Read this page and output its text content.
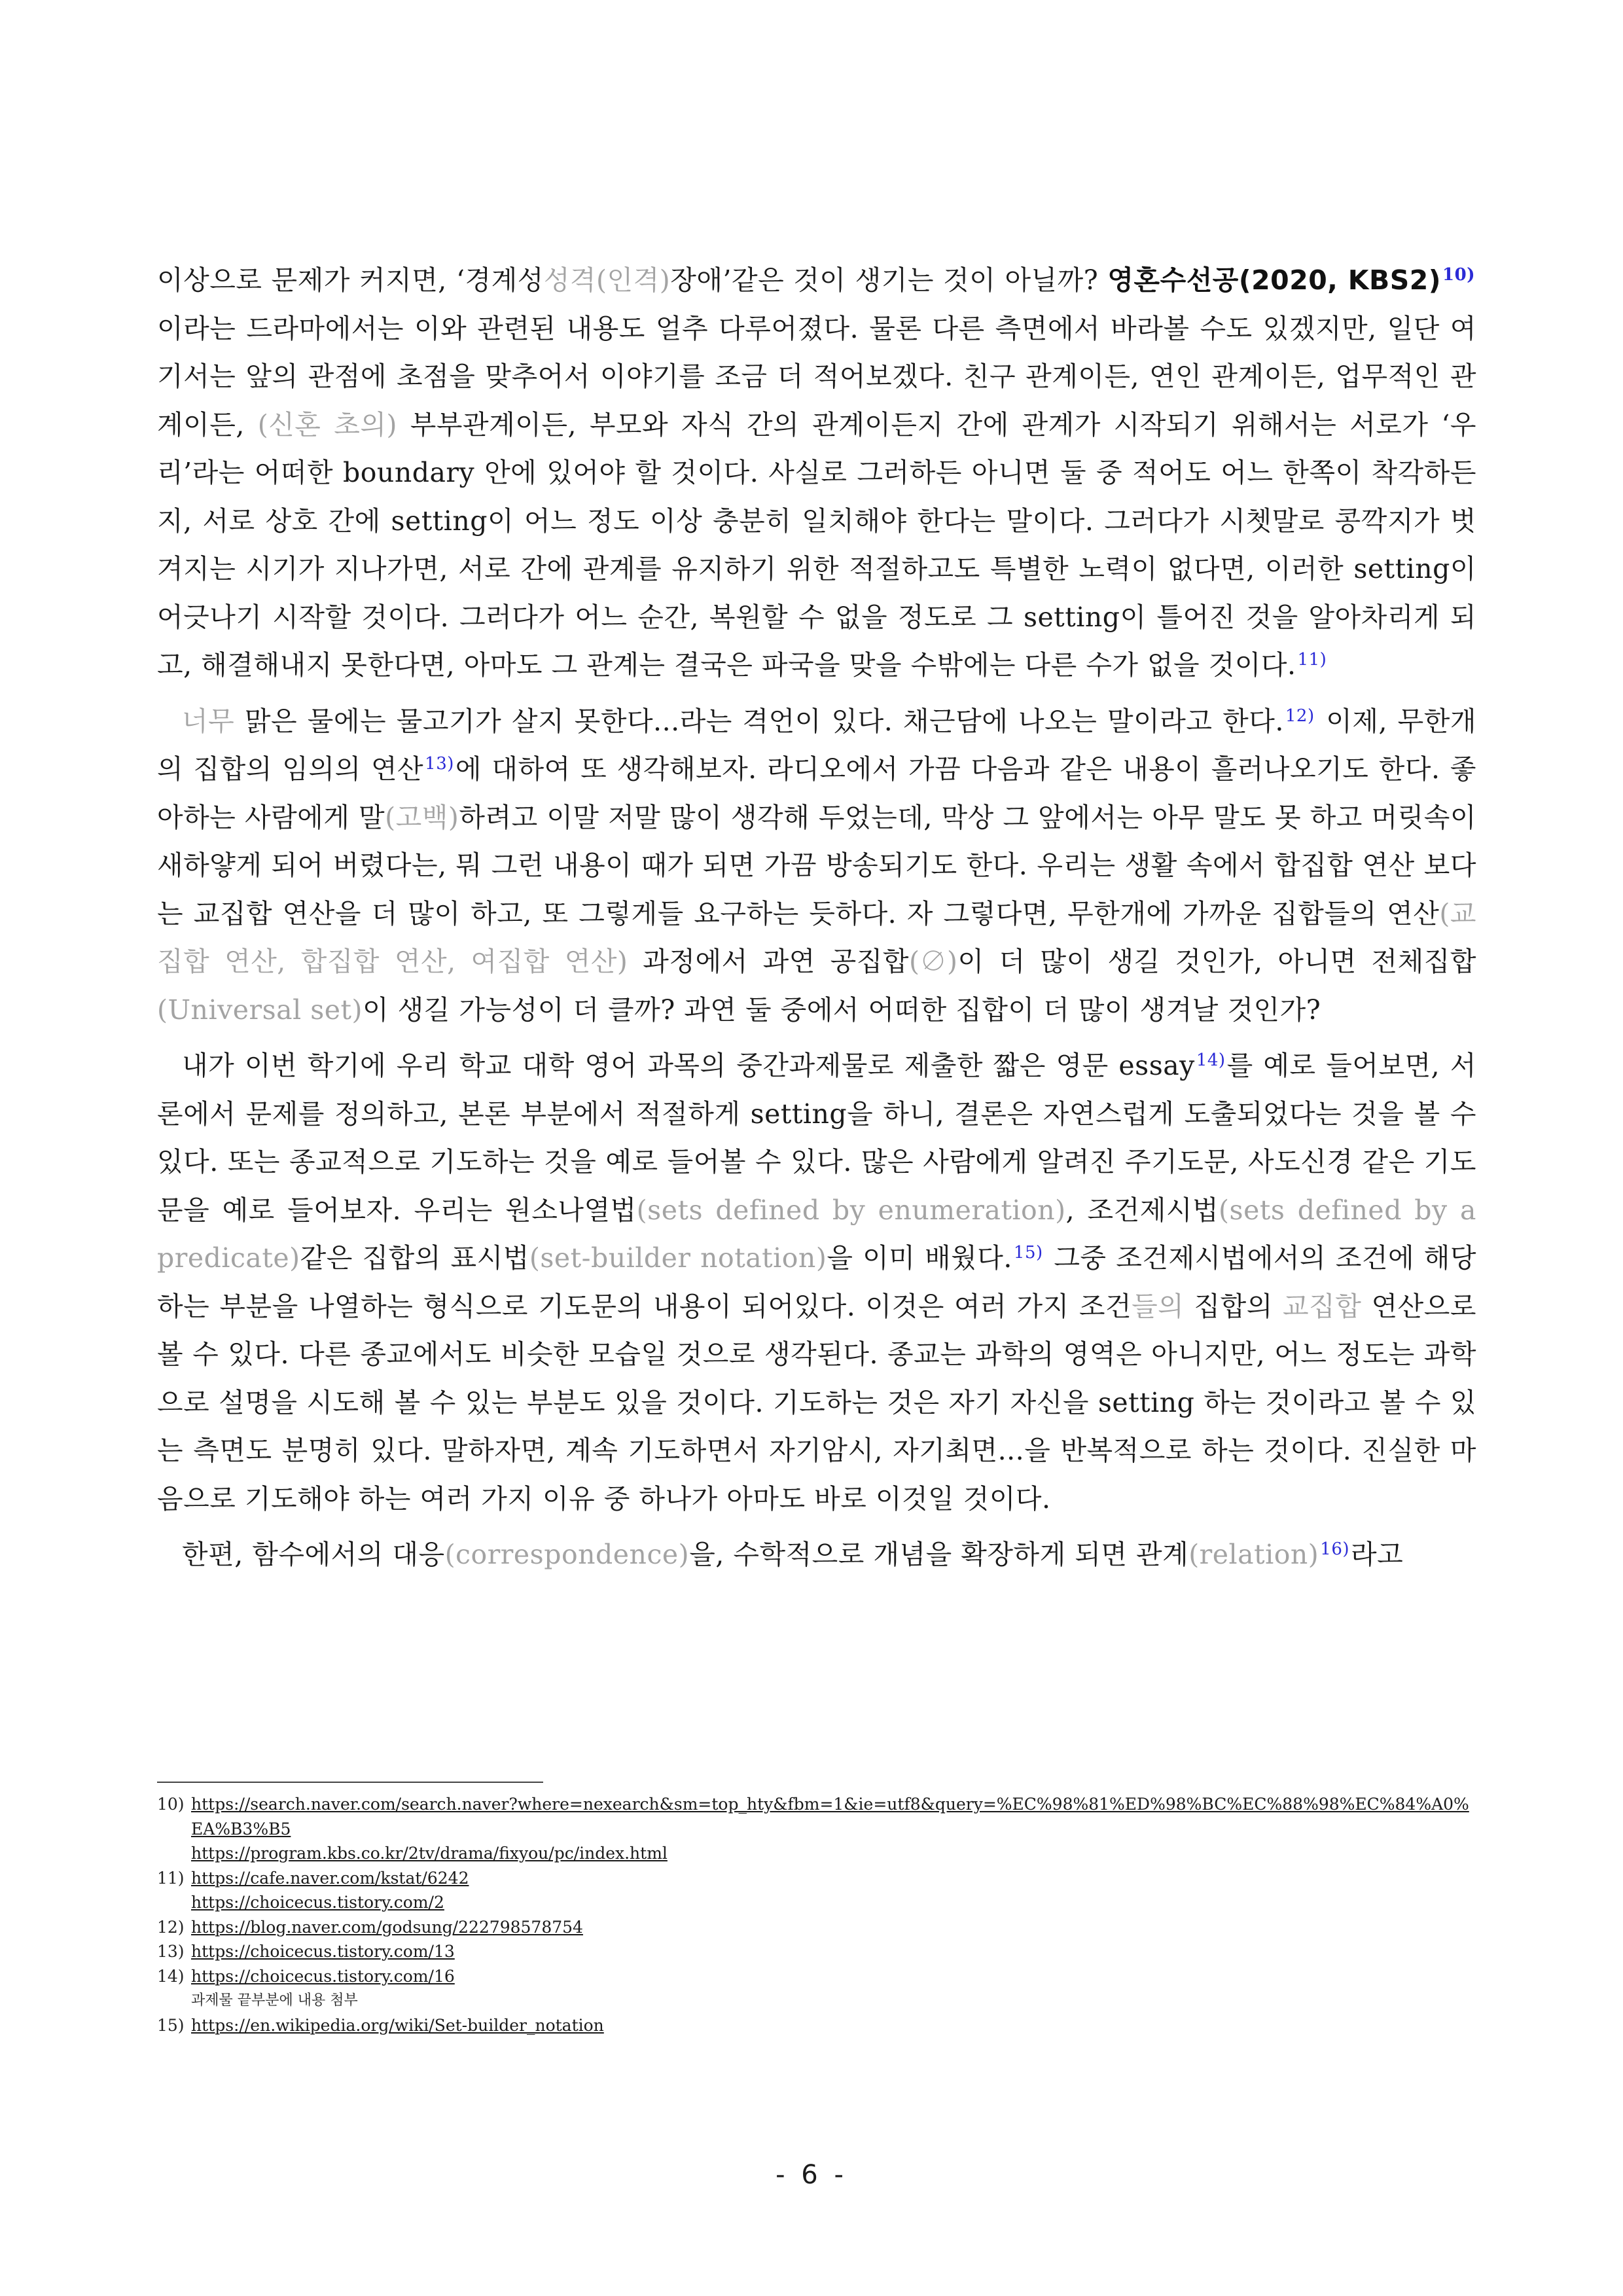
이상으로 문제가 커지면, ‘경계성성격(인격)장애’같은 것이 생기는 것이 아닐까? 영혼수선공(2020, KBS2)$^{10)}$이라는 드라마에서는 이와 관련된 내용도 얼추 다루어졌다. 물론 다른 측면에서 바라볼 수도 있겠지만, 일단 여기서는 앞의 관점에 초점을 맞추어서 이야기를 조금 더 적어보겠다. 친구 관계이든, 연인 관계이든, 업무적인 관계이든, (신혼 초의) 부부관계이든, 부모와 자식 간의 관계이든지 간에 관계가 시작되기 위해서는 서로가 ‘우리’라는 어떠한 boundary 안에 있어야 할 것이다. 사실로 그러하든 아니면 둘 중 적어도 어느 한쪽이 착각하든지, 서로 상호 간에 setting이 어느 정도 이상 충분히 일치해야 한다는 말이다. 그러다가 시쳇말로 콩깍지가 벗겨지는 시기가 지나가면, 서로 간에 관계를 유지하기 위한 적절하고도 특별한 노력이 없다면, 이러한 setting이 어긋나기 시작할 것이다. 그러다가 어느 순간, 복원할 수 없을 정도로 그 setting이 틀어진 것을 알아차리게 되고, 해결해내지 못한다면, 아마도 그 관계는 결국은 파국을 맞을 수밖에는 다른 수가 없을 것이다.$^{11)}$

너무 맑은 물에는 물고기가 살지 못한다...라는 격언이 있다. 채근담에 나오는 말이라고 한다.$^{12)}$ 이제, 무한개의 집합의 임의의 연산$^{13)}$에 대하여 또 생각해보자. 라디오에서 가끔 다음과 같은 내용이 흘러나오기도 한다. 좋아하는 사람에게 말(고백)하려고 이말 저말 많이 생각해 두었는데, 막상 그 앞에서는 아무 말도 못 하고 머릿속이 새하얗게 되어 버렸다는, 뭐 그런 내용이 때가 되면 가끔 방송되기도 한다. 우리는 생활 속에서 합집합 연산 보다는 교집합 연산을 더 많이 하고, 또 그렇게들 요구하는 듯하다. 자 그렇다면, 무한개에 가까운 집합들의 연산(교집합 연산, 합집합 연산, 여집합 연산) 과정에서 과연 공집합(∅)이 더 많이 생길 것인가, 아니면 전체집합(Universal set)이 생길 가능성이 더 클까? 과연 둘 중에서 어떠한 집합이 더 많이 생겨날 것인가?

내가 이번 학기에 우리 학교 대학 영어 과목의 중간과제물로 제출한 짧은 영문 essay$^{14)}$를 예로 들어보면, 서론에서 문제를 정의하고, 본론 부분에서 적절하게 setting을 하니, 결론은 자연스럽게 도출되었다는 것을 볼 수 있다. 또는 종교적으로 기도하는 것을 예로 들어볼 수 있다. 많은 사람에게 알려진 주기도문, 사도신경 같은 기도문을 예로 들어보자. 우리는 원소나열법(sets defined by enumeration), 조건제시법(sets defined by a predicate)같은 집합의 표시법(set-builder notation)을 이미 배웠다.$^{15)}$ 그중 조건제시법에서의 조건에 해당하는 부분을 나열하는 형식으로 기도문의 내용이 되어있다. 이것은 여러 가지 조건들의 집합의 교집합 연산으로 볼 수 있다. 다른 종교에서도 비슷한 모습일 것으로 생각된다. 종교는 과학의 영역은 아니지만, 어느 정도는 과학으로 설명을 시도해 볼 수 있는 부분도 있을 것이다. 기도하는 것은 자기 자신을 setting 하는 것이라고 볼 수 있는 측면도 분명히 있다. 말하자면, 계속 기도하면서 자기암시, 자기최면...을 반복적으로 하는 것이다. 진실한 마음으로 기도해야 하는 여러 가지 이유 중 하나가 아마도 바로 이것일 것이다.

한편, 함수에서의 대응(correspondence)을, 수학적으로 개념을 확장하게 되면 관계(relation)$^{16)}$라고

10) https://search.naver.com/search.naver?where=nexearch&sm=top_hty&fbm=1&ie=utf8&query=%EC%98%81%ED%98%BC%EC%88%98%EC%84%A0%EA%B3%B5
https://program.kbs.co.kr/2tv/drama/fixyou/pc/index.html
11) https://cafe.naver.com/kstat/6242
https://choicecus.tistory.com/2
12) https://blog.naver.com/godsung/222798578754
13) https://choicecus.tistory.com/13
14) https://choicecus.tistory.com/16
과제물 끝부분에 내용 첨부
15) https://en.wikipedia.org/wiki/Set-builder_notation
- 6 -
